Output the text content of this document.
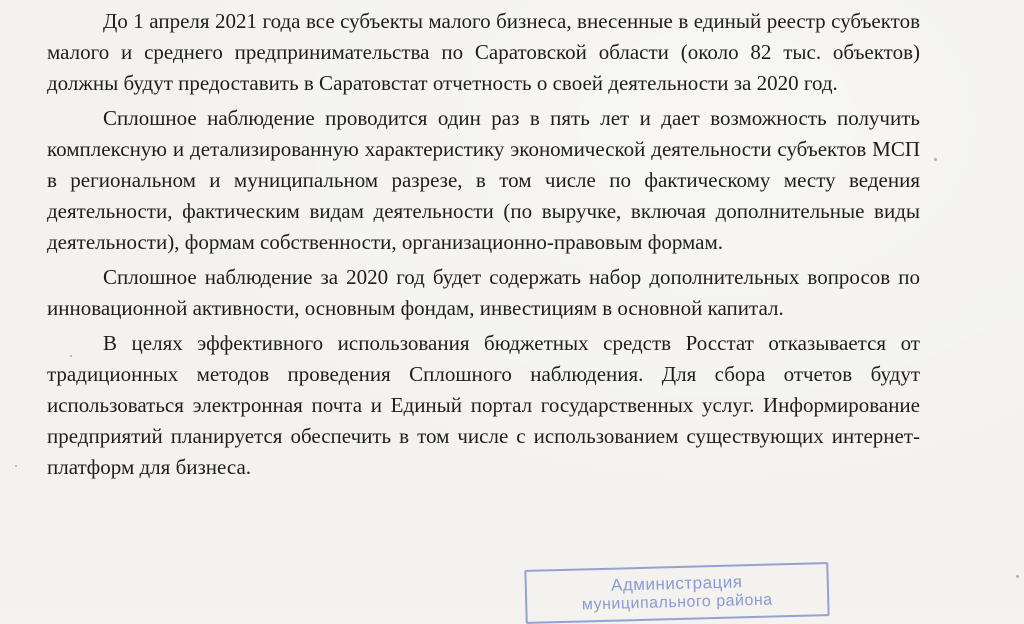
До 1 апреля 2021 года все субъекты малого бизнеса, внесенные в единый реестр субъектов малого и среднего предпринимательства по Саратовской области (около 82 тыс. объектов) должны будут предоставить в Саратовстат отчетность о своей деятельности за 2020 год.

Сплошное наблюдение проводится один раз в пять лет и дает возможность получить комплексную и детализированную характеристику экономической деятельности субъектов МСП в региональном и муниципальном разрезе, в том числе по фактическому месту ведения деятельности, фактическим видам деятельности (по выручке, включая дополнительные виды деятельности), формам собственности, организационно-правовым формам.

Сплошное наблюдение за 2020 год будет содержать набор дополнительных вопросов по инновационной активности, основным фондам, инвестициям в основной капитал.

В целях эффективного использования бюджетных средств Росстат отказывается от традиционных методов проведения Сплошного наблюдения. Для сбора отчетов будут использоваться электронная почта и Единый портал государственных услуг. Информирование предприятий планируется обеспечить в том числе с использованием существующих интернет-платформ для бизнеса.

Администрация
муниципального района
